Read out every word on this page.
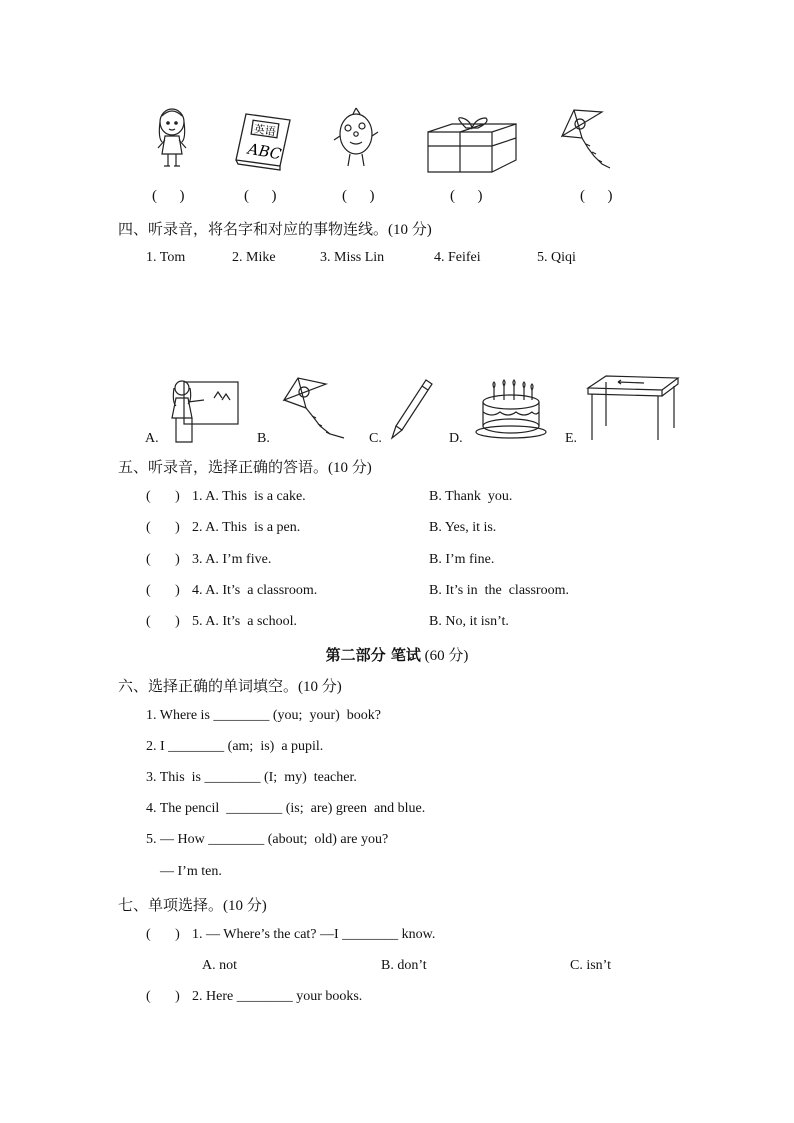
英语
ABC
(      )	(      )	(      )	(      )	(      )
四、听录音，将名字和对应的事物连线。(10 分)
1. Tom	2. Mike	3. Miss Lin	4. Feifei	5. Qiqi
A.	B.	C.	D.	E.
五、听录音，选择正确的答语。(10 分)
(       ) 1. A. This  is a cake.	B. Thank  you.
(       ) 2. A. This  is a pen.	B. Yes, it is.
(       ) 3. A. I’m five.	B. I’m fine.
(       ) 4. A. It’s  a classroom.	B. It’s in  the  classroom.
(       ) 5. A. It’s  a school.	B. No, it isn’t.
第二部分 笔试 (60 分)
六、选择正确的单词填空。(10 分)
1. Where is ________ (you;  your)  book?
2. I ________ (am;  is)  a pupil.
3. This  is ________ (I;  my)  teacher.
4. The pencil  ________ (is;  are) green  and blue.
5. — How ________ (about;  old) are you?
— I’m ten.
七、单项选择。(10 分)
(       ) 1. — Where’s the cat? —I ________ know.
A. not	B. don’t	C. isn’t
(       ) 2. Here ________ your books.
